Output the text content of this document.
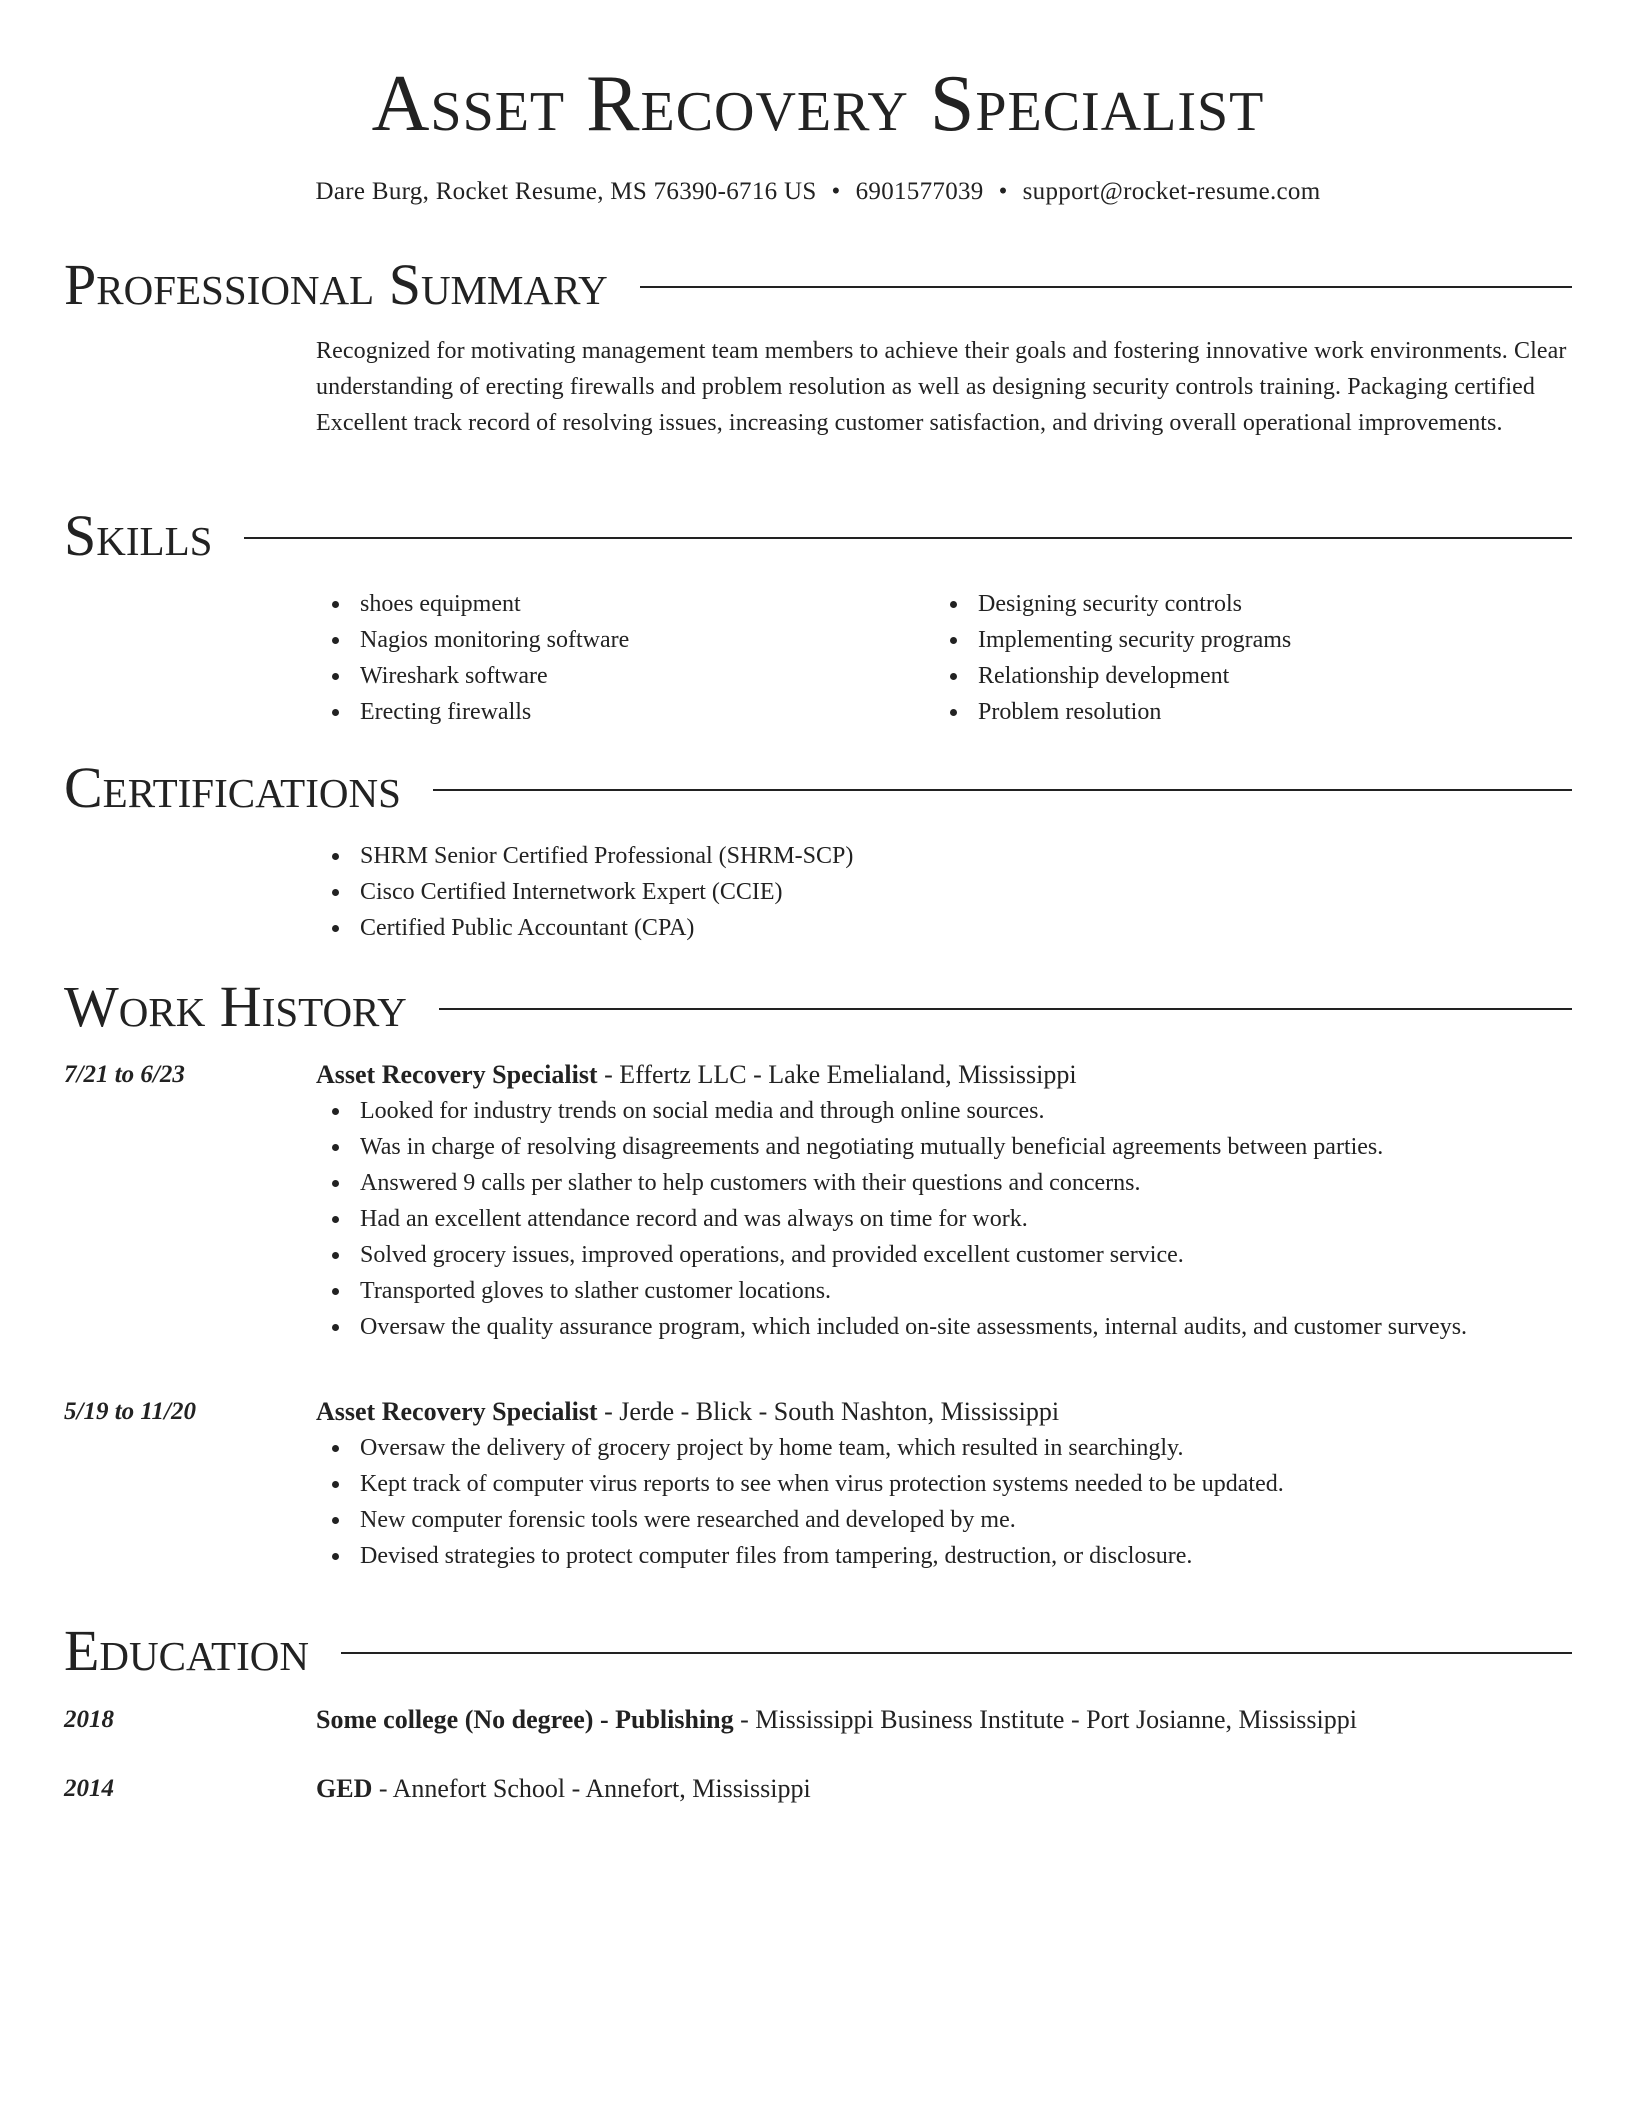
Asset Recovery Specialist
Dare Burg, Rocket Resume, MS 76390-6716 US • 6901577039 • support@rocket-resume.com
Professional Summary

Recognized for motivating management team members to achieve their goals and fostering innovative work environments. Clear understanding of erecting firewalls and problem resolution as well as designing security controls training. Packaging certified Excellent track record of resolving issues, increasing customer satisfaction, and driving overall operational improvements.

Skills
shoes equipment
Nagios monitoring software
Wireshark software
Erecting firewalls
Designing security controls
Implementing security programs
Relationship development
Problem resolution
Certifications
SHRM Senior Certified Professional (SHRM-SCP)
Cisco Certified Internetwork Expert (CCIE)
Certified Public Accountant (CPA)
Work History
7/21 to 6/23	Asset Recovery Specialist - Effertz LLC - Lake Emelialand, Mississippi

Looked for industry trends on social media and through online sources.
Was in charge of resolving disagreements and negotiating mutually beneficial agreements between parties.
Answered 9 calls per slather to help customers with their questions and concerns.
Had an excellent attendance record and was always on time for work.
Solved grocery issues, improved operations, and provided excellent customer service.
Transported gloves to slather customer locations.
Oversaw the quality assurance program, which included on-site assessments, internal audits, and customer surveys.
5/19 to 11/20	Asset Recovery Specialist - Jerde - Blick - South Nashton, Mississippi

Oversaw the delivery of grocery project by home team, which resulted in searchingly.
Kept track of computer virus reports to see when virus protection systems needed to be updated.
New computer forensic tools were researched and developed by me.
Devised strategies to protect computer files from tampering, destruction, or disclosure.
Education
2018	Some college (No degree) - Publishing - Mississippi Business Institute - Port Josianne, Mississippi

2014	GED - Annefort School - Annefort, Mississippi
